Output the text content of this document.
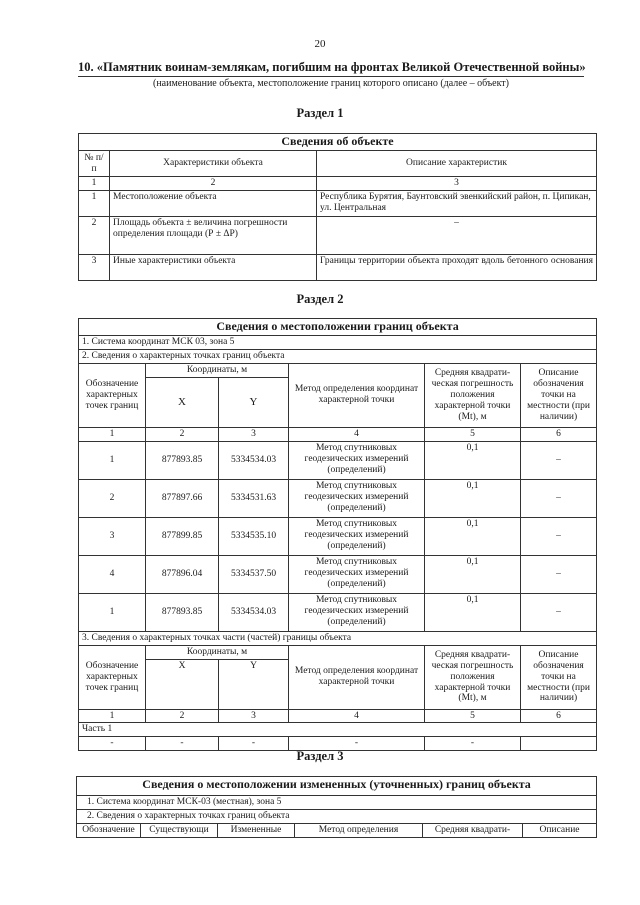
20
10. «Памятник воинам-землякам, погибшим на фронтах Великой Отечественной войны»
(наименование объекта, местоположение границ которого описано (далее – объект)
Раздел 1
Сведения об объекте		
№ п/п	Характеристики объекта	Описание характеристик
1	2	3
1	Местоположение объекта	Республика Бурятия, Баунтовский эвенкийский район, п. Ципикан, ул. Центральная
2	Площадь объекта ± величина погрешности определения площади (Р ± ΔР)	–
3	Иные характеристики объекта	Границы территории объекта проходят вдоль бетонного основания
Раздел 2
Сведения о местоположении границ объекта					
1. Система координат МСК 03, зона 5					
2. Сведения о характерных точках границ объекта					
Обозначение характерных точек границ	Координаты, м		Метод определения координат характерной точки	Средняя квадрати-ческая погрешность положения характерной точки (Mt), м	Описание обозначения точки на местности (при наличии)
	X	Y			
1	2	3	4	5	6
1	877893.85	5334534.03	Метод спутниковых геодезических измерений (определений)	0,1	–
2	877897.66	5334531.63	Метод спутниковых геодезических измерений (определений)	0,1	–
3	877899.85	5334535.10	Метод спутниковых геодезических измерений (определений)	0,1	–
4	877896.04	5334537.50	Метод спутниковых геодезических измерений (определений)	0,1	–
1	877893.85	5334534.03	Метод спутниковых геодезических измерений (определений)	0,1	–
3. Сведения о характерных точках части (частей) границы объекта					
Обозначение характерных точек границ	Координаты, м		Метод определения координат характерной точки	Средняя квадрати-ческая погрешность положения характерной точки (Mt), м	Описание обозначения точки на местности (при наличии)
	X	Y			
1	2	3	4	5	6
Часть 1					
-	-	-	-	-	
Раздел 3
Сведения о местоположении измененных (уточненных) границ объекта
1. Система координат МСК-03 (местная), зона 5
2. Сведения о характерных точках границ объекта
Обозначение	Существующи	Измененные	Метод определения	Средняя квадрати-	Описание
